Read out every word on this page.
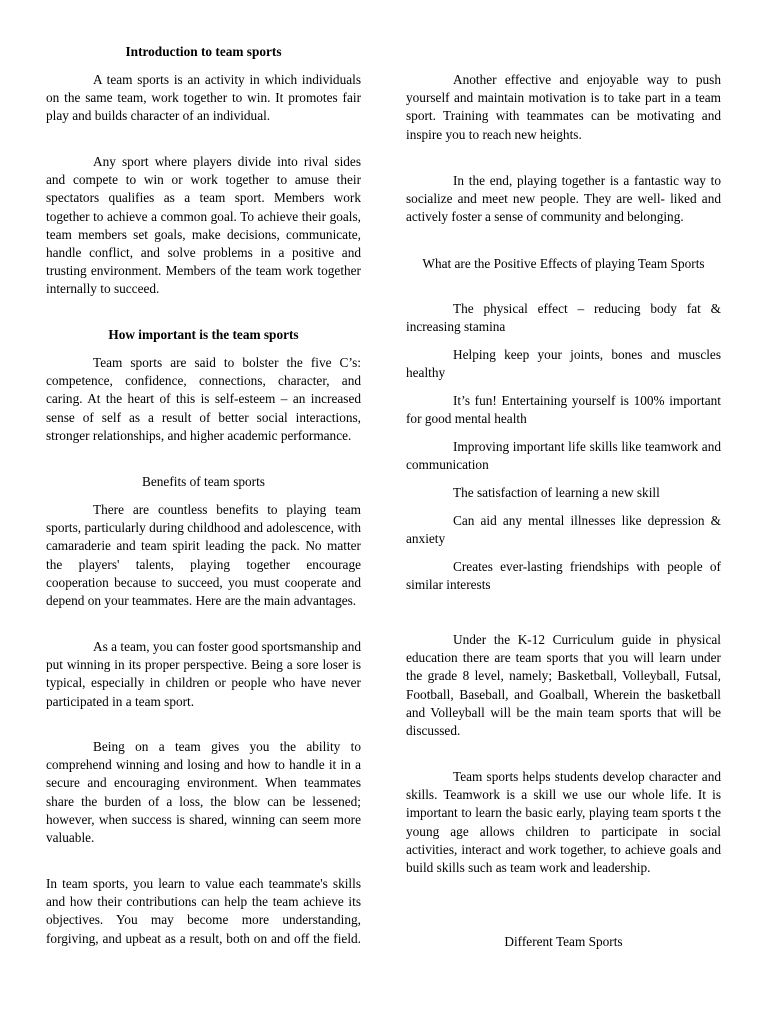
Introduction to team sports

A team sports is an activity in which individuals on the same team, work together to win. It promotes fair play and builds character of an individual.

Any sport where players divide into rival sides and compete to win or work together to amuse their spectators qualifies as a team sport. Members work together to achieve a common goal. To achieve their goals, team members set goals, make decisions, communicate, handle conflict, and solve problems in a positive and trusting environment. Members of the team work together internally to succeed.

How important is the team sports

Team sports are said to bolster the five C’s: competence, confidence, connections, character, and caring. At the heart of this is self-esteem – an increased sense of self as a result of better social interactions, stronger relationships, and higher academic performance.

Benefits of team sports

There are countless benefits to playing team sports, particularly during childhood and adolescence, with camaraderie and team spirit leading the pack. No matter the players' talents, playing together encourage cooperation because to succeed, you must cooperate and depend on your teammates. Here are the main advantages.

As a team, you can foster good sportsmanship and put winning in its proper perspective. Being a sore loser is typical, especially in children or people who have never participated in a team sport.

Being on a team gives you the ability to comprehend winning and losing and how to handle it in a secure and encouraging environment. When teammates share the burden of a loss, the blow can be lessened; however, when success is shared, winning can seem more valuable.

In team sports, you learn to value each teammate's skills and how their contributions can help the team achieve its objectives. You may become more understanding, forgiving, and upbeat as a result, both on and off the field.

Another effective and enjoyable way to push yourself and maintain motivation is to take part in a team sport. Training with teammates can be motivating and inspire you to reach new heights.

In the end, playing together is a fantastic way to socialize and meet new people. They are well- liked and actively foster a sense of community and belonging.

What are the Positive Effects of playing Team Sports

The physical effect – reducing body fat & increasing stamina

Helping keep your joints, bones and muscles healthy

It’s fun! Entertaining yourself is 100% important for good mental health

Improving important life skills like teamwork and communication

The satisfaction of learning a new skill

Can aid any mental illnesses like depression & anxiety

Creates ever-lasting friendships with people of similar interests

Under the K-12 Curriculum guide in physical education there are team sports that you will learn under the grade 8 level, namely; Basketball, Volleyball, Futsal, Football, Baseball, and Goalball, Wherein the basketball and Volleyball will be the main team sports that will be discussed.

Team sports helps students develop character and skills. Teamwork is a skill we use our whole life. It is important to learn the basic early, playing team sports t the young age allows children to participate in social activities, interact and work together, to achieve goals and build skills such as team work and leadership.

Different Team Sports
